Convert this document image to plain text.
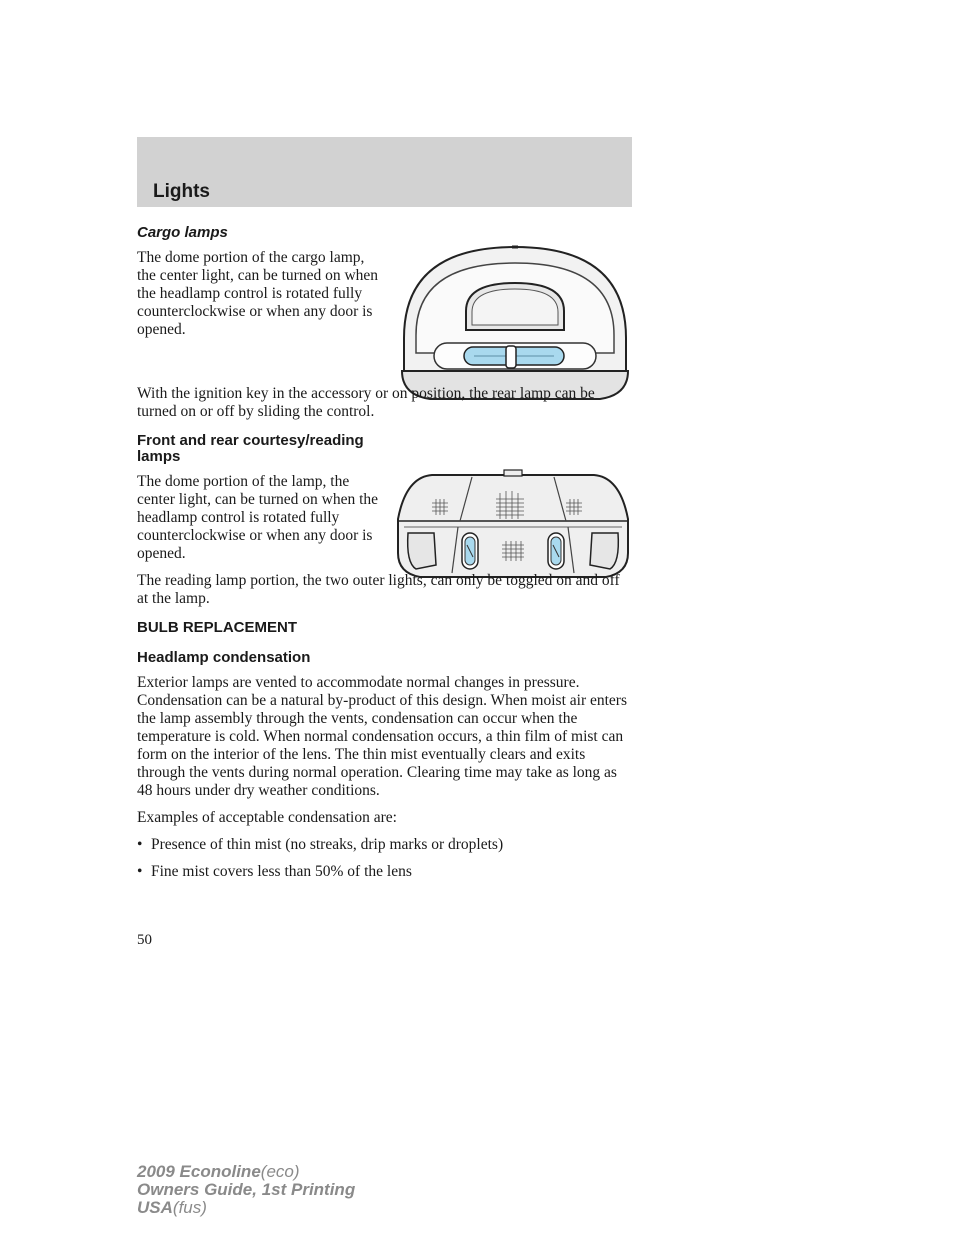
Lights
Cargo lamps

The dome portion of the cargo lamp, the center light, can be turned on when the headlamp control is rotated fully counterclockwise or when any door is opened.

With the ignition key in the accessory or on position, the rear lamp can be turned on or off by sliding the control.

Front and rear courtesy/reading lamps

The dome portion of the lamp, the center light, can be turned on when the headlamp control is rotated fully counterclockwise or when any door is opened.

The reading lamp portion, the two outer lights, can only be toggled on and off at the lamp.

BULB REPLACEMENT
Headlamp condensation

Exterior lamps are vented to accommodate normal changes in pressure. Condensation can be a natural by-product of this design. When moist air enters the lamp assembly through the vents, condensation can occur when the temperature is cold. When normal condensation occurs, a thin film of mist can form on the interior of the lens. The thin mist eventually clears and exits through the vents during normal operation. Clearing time may take as long as 48 hours under dry weather conditions.

Examples of acceptable condensation are:

• Presence of thin mist (no streaks, drip marks or droplets)
• Fine mist covers less than 50% of the lens
50
2009 Econoline(eco)
Owners Guide, 1st Printing
USA(fus)
